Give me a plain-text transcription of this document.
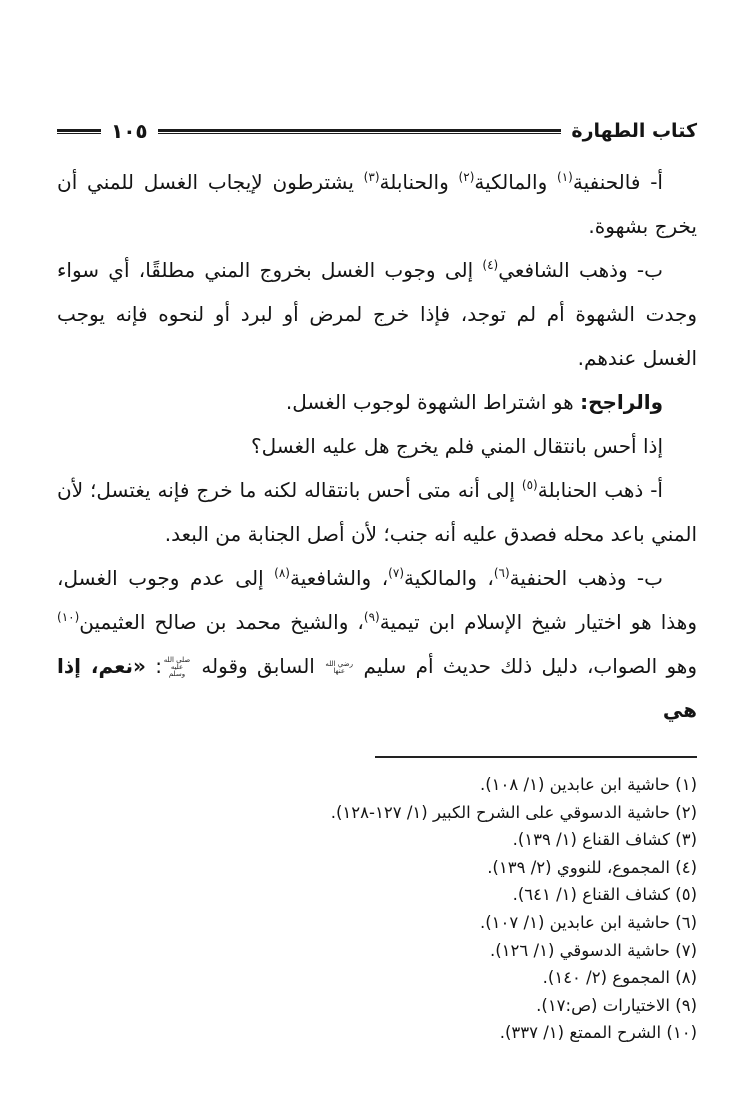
كتاب الطهارة
١٠٥

أ- فالحنفية$^{(١)}$ والمالكية$^{(٢)}$ والحنابلة$^{(٣)}$ يشترطون لإيجاب الغسل للمني أن يخرج بشهوة.

ب- وذهب الشافعي$^{(٤)}$ إلى وجوب الغسل بخروج المني مطلقًا، أي سواء وجدت الشهوة أم لم توجد، فإذا خرج لمرض أو لبرد أو لنحوه فإنه يوجب الغسل عندهم.

والراجح: هو اشتراط الشهوة لوجوب الغسل.

إذا أحس بانتقال المني فلم يخرج هل عليه الغسل؟

أ- ذهب الحنابلة$^{(٥)}$ إلى أنه متى أحس بانتقاله لكنه ما خرج فإنه يغتسل؛ لأن المني باعد محله فصدق عليه أنه جنب؛ لأن أصل الجنابة من البعد.

ب- وذهب الحنفية$^{(٦)}$، والمالكية$^{(٧)}$، والشافعية$^{(٨)}$ إلى عدم وجوب الغسل، وهذا هو اختيار شيخ الإسلام ابن تيمية$^{(٩)}$، والشيخ محمد بن صالح العثيمين$^{(١٠)}$ وهو الصواب، دليل ذلك حديث أم سليم رضي الله عنها السابق وقوله صلى الله عليه وسلم: «نعم، إذا هي

(١) حاشية ابن عابدين (١/ ١٠٨).
(٢) حاشية الدسوقي على الشرح الكبير (١/ ١٢٧-١٢٨).
(٣) كشاف القناع (١/ ١٣٩).
(٤) المجموع، للنووي (٢/ ١٣٩).
(٥) كشاف القناع (١/ ٦٤١).
(٦) حاشية ابن عابدين (١/ ١٠٧).
(٧) حاشية الدسوقي (١/ ١٢٦).
(٨) المجموع (٢/ ١٤٠).
(٩) الاختيارات (ص:١٧).
(١٠) الشرح الممتع (١/ ٣٣٧).
